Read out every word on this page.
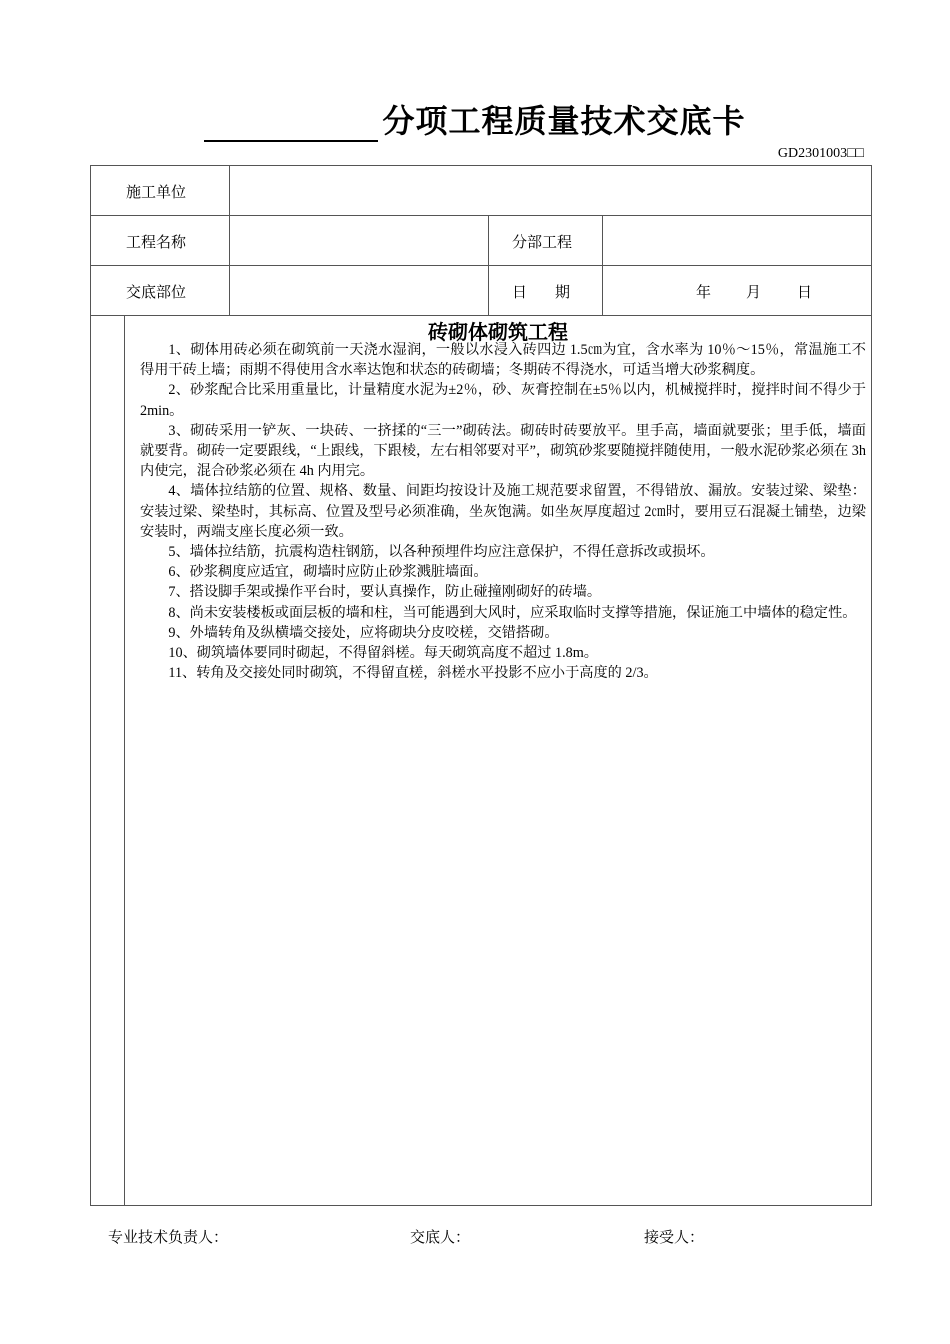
分项工程质量技术交底卡
GD2301003□□
施工单位
工程名称	分部工程
交底部位	日期	年 月 日
砖砌体砌筑工程

1、砌体用砖必须在砌筑前一天浇水湿润，一般以水浸入砖四边 1.5㎝为宜，含水率为 10％～15％，常温施工不得用干砖上墙；雨期不得使用含水率达饱和状态的砖砌墙；冬期砖不得浇水，可适当增大砂浆稠度。

2、砂浆配合比采用重量比，计量精度水泥为±2％，砂、灰膏控制在±5％以内，机械搅拌时，搅拌时间不得少于 2min。

3、砌砖采用一铲灰、一块砖、一挤揉的“三一”砌砖法。砌砖时砖要放平。里手高，墙面就要张；里手低，墙面就要背。砌砖一定要跟线，“上跟线，下跟棱，左右相邻要对平”，砌筑砂浆要随搅拌随使用，一般水泥砂浆必须在 3h 内使完，混合砂浆必须在 4h 内用完。

4、墙体拉结筋的位置、规格、数量、间距均按设计及施工规范要求留置，不得错放、漏放。安装过梁、梁垫：安装过梁、梁垫时，其标高、位置及型号必须准确，坐灰饱满。如坐灰厚度超过 2㎝时，要用豆石混凝土铺垫，边梁安装时，两端支座长度必须一致。

5、墙体拉结筋，抗震构造柱钢筋，以各种预埋件均应注意保护，不得任意拆改或损坏。

6、砂浆稠度应适宜，砌墙时应防止砂浆溅脏墙面。

7、搭设脚手架或操作平台时，要认真操作，防止碰撞刚砌好的砖墙。

8、尚未安装楼板或面层板的墙和柱，当可能遇到大风时，应采取临时支撑等措施，保证施工中墙体的稳定性。

9、外墙转角及纵横墙交接处，应将砌块分皮咬槎，交错搭砌。

10、砌筑墙体要同时砌起，不得留斜槎。每天砌筑高度不超过 1.8m。

11、转角及交接处同时砌筑，不得留直槎，斜槎水平投影不应小于高度的 2/3。

专业技术负责人：	交底人：	接受人：
